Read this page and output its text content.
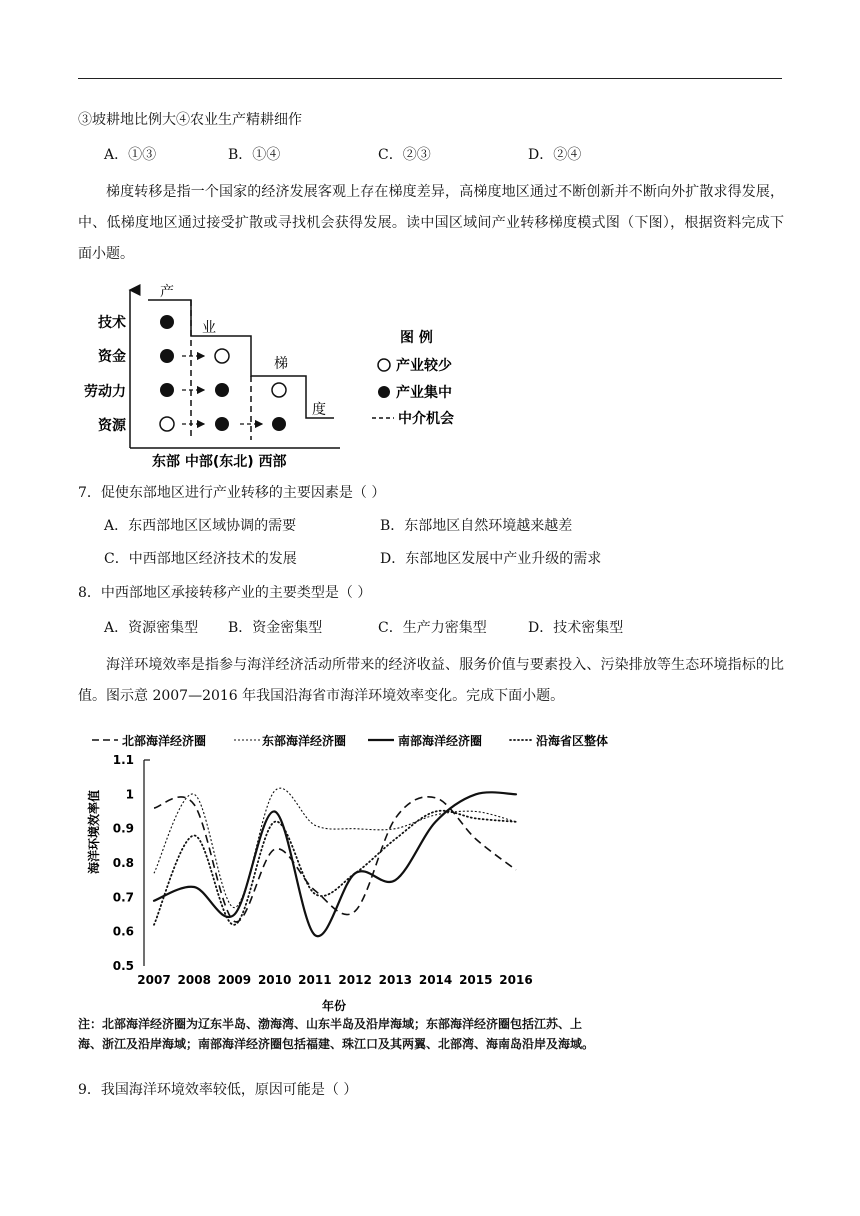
③坡耕地比例大④农业生产精耕细作
A．①③	B．①④	C．②③	D．②④
梯度转移是指一个国家的经济发展客观上存在梯度差异，高梯度地区通过不断创新并不断向外扩散求得发展，中、低梯度地区通过接受扩散或寻找机会获得发展。读中国区域间产业转移梯度模式图（下图），根据资料完成下面小题。
产
业
梯
度
技术
资金
劳动力
资源
东部 中部(东北) 西部
图 例
产业较少
产业集中
中介机会
7．促使东部地区进行产业转移的主要因素是（ ）
A．东西部地区区域协调的需要	B．东部地区自然环境越来越差
C．中西部地区经济技术的发展	D．东部地区发展中产业升级的需求
8．中西部地区承接转移产业的主要类型是（ ）
A．资源密集型 B．资金密集型	C．生产力密集型	D．技术密集型
海洋环境效率是指参与海洋经济活动所带来的经济收益、服务价值与要素投入、污染排放等生态环境指标的比值。图示意 2007—2016 年我国沿海省市海洋环境效率变化。完成下面小题。
北部海洋经济圈	东部海洋经济圈	南部海洋经济圈	沿海省区整体
海洋环境效率值
0.5
0.6
0.7
0.8
0.9
1
1.1
2007 2008 2009 2010 2011 2012 2013 2014 2015 2016
年份
注：北部海洋经济圈为辽东半岛、渤海湾、山东半岛及沿岸海域；东部海洋经济圈包括江苏、上海、浙江及沿岸海域；南部海洋经济圈包括福建、珠江口及其两翼、北部湾、海南岛沿岸及海域。
9．我国海洋环境效率较低，原因可能是（ ）
